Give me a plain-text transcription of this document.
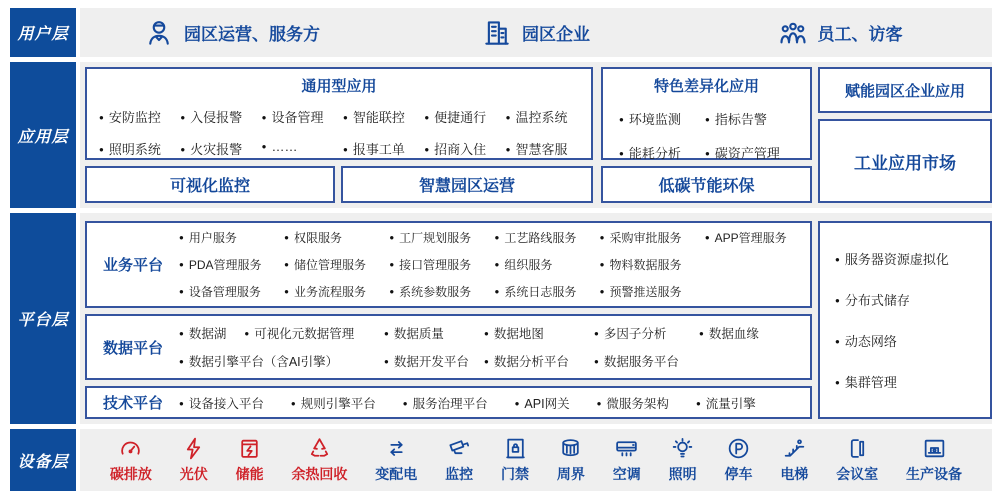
用户层	园区运营、服务方	园区企业	员工、访客
应用层
通用型应用
● 安防监控	● 入侵报警	● 设备管理	● 智能联控	● 便捷通行	● 温控系统
● 照明系统	● 火灾报警	● ……	● 报事工单	● 招商入住	● 智慧客服
特色差异化应用
● 环境监测	● 指标告警
● 能耗分析	● 碳资产管理
赋能园区企业应用
工业应用市场
可视化监控	智慧园区运营	低碳节能环保
平台层
业务平台
● 用户服务	● 权限服务	● 工厂规划服务	● 工艺路线服务	● 采购审批服务	● APP管理服务
● PDA管理服务	● 储位管理服务	● 接口管理服务	● 组织服务	● 物料数据服务
● 设备管理服务	● 业务流程服务	● 系统参数服务	● 系统日志服务	● 预警推送服务
数据平台
● 数据湖	● 可视化元数据管理	● 数据质量	● 数据地图	● 多因子分析	● 数据血缘
● 数据引擎平台（含AI引擎）	● 数据开发平台	● 数据分析平台	● 数据服务平台
技术平台	● 设备接入平台	● 规则引擎平台	● 服务治理平台	● API网关	● 微服务架构	● 流量引擎
● 服务器资源虚拟化
● 分布式储存
● 动态网络
● 集群管理
设备层
碳排放 光伏 储能 余热回收 变配电 监控 门禁 周界 空调 照明 停车 电梯 会议室 生产设备
